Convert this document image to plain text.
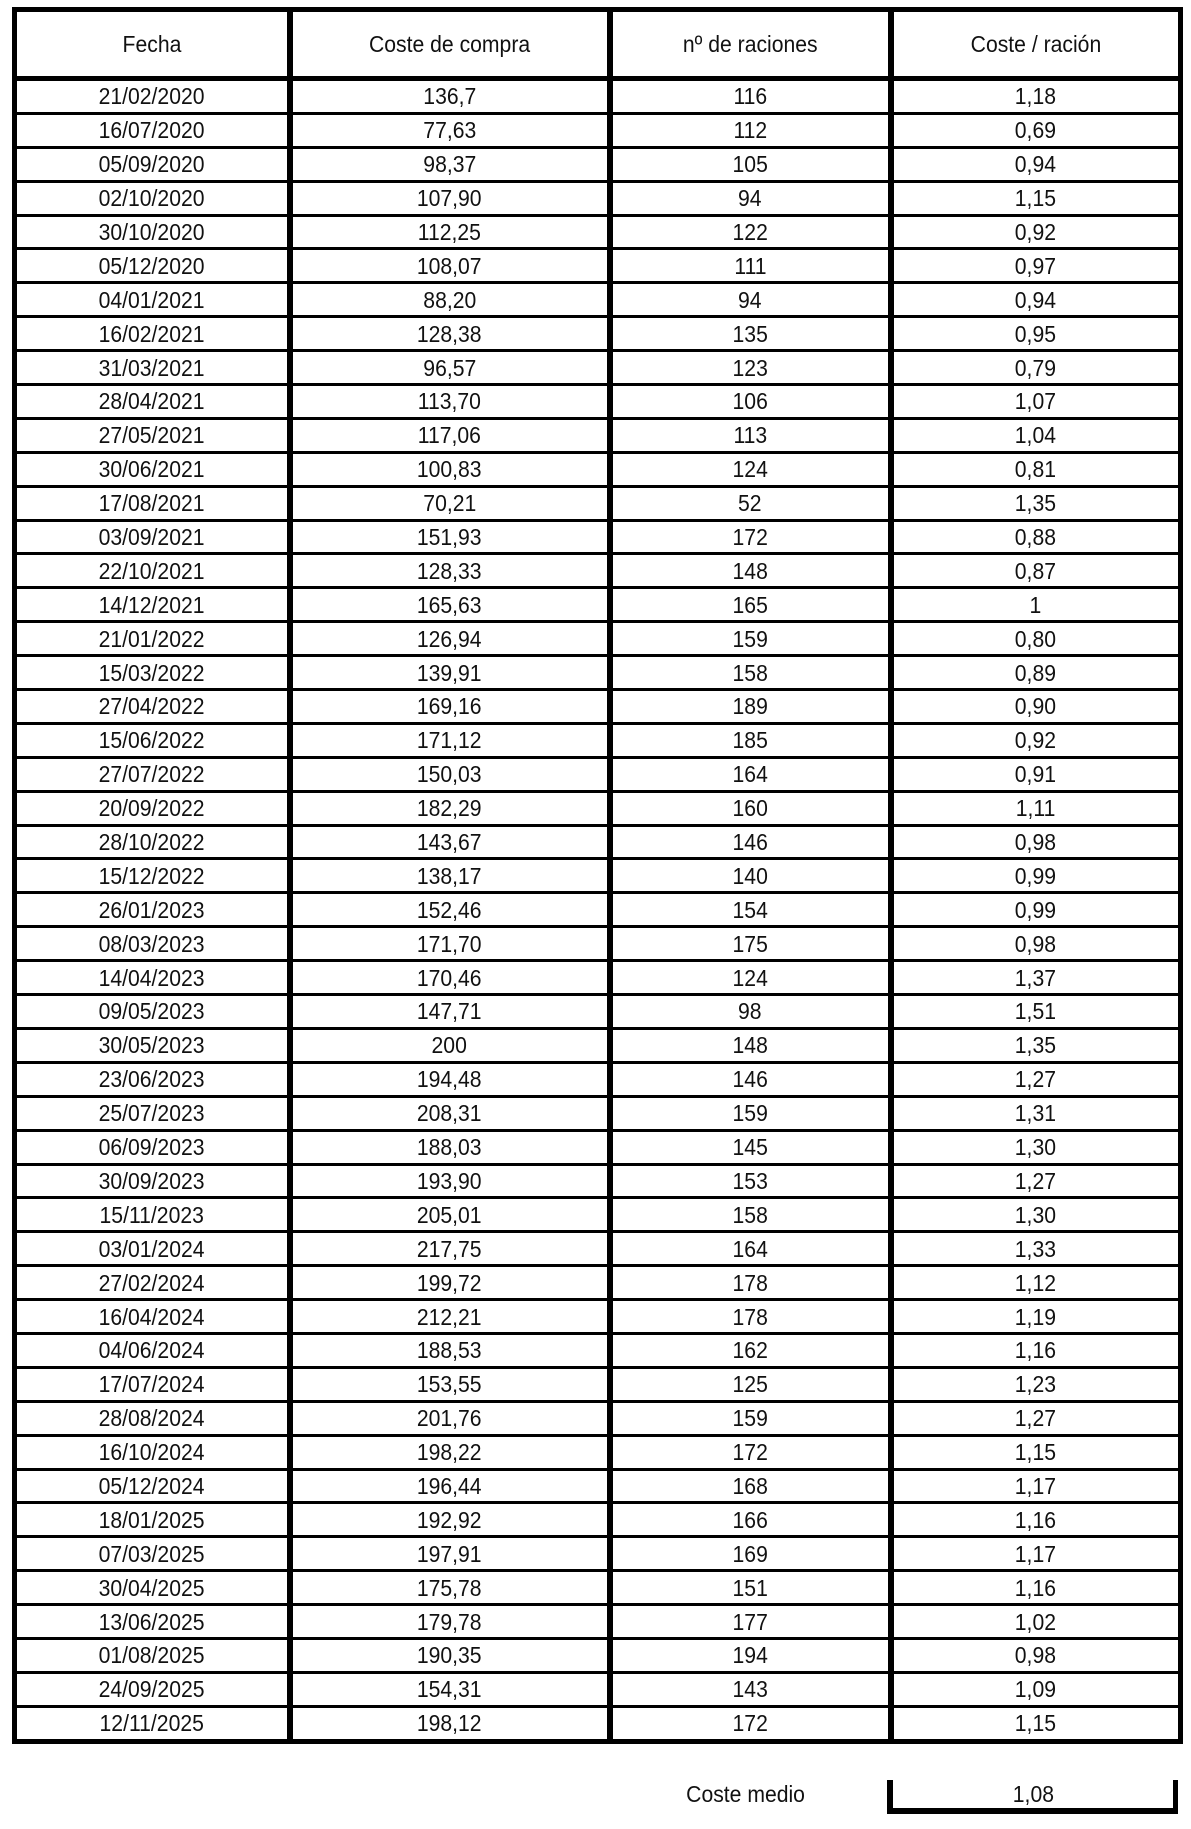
Fecha	Coste de compra	nº de raciones	Coste / ración
21/02/2020	136,7	116	1,18
16/07/2020	77,63	112	0,69
05/09/2020	98,37	105	0,94
02/10/2020	107,90	94	1,15
30/10/2020	112,25	122	0,92
05/12/2020	108,07	111	0,97
04/01/2021	88,20	94	0,94
16/02/2021	128,38	135	0,95
31/03/2021	96,57	123	0,79
28/04/2021	113,70	106	1,07
27/05/2021	117,06	113	1,04
30/06/2021	100,83	124	0,81
17/08/2021	70,21	52	1,35
03/09/2021	151,93	172	0,88
22/10/2021	128,33	148	0,87
14/12/2021	165,63	165	1
21/01/2022	126,94	159	0,80
15/03/2022	139,91	158	0,89
27/04/2022	169,16	189	0,90
15/06/2022	171,12	185	0,92
27/07/2022	150,03	164	0,91
20/09/2022	182,29	160	1,11
28/10/2022	143,67	146	0,98
15/12/2022	138,17	140	0,99
26/01/2023	152,46	154	0,99
08/03/2023	171,70	175	0,98
14/04/2023	170,46	124	1,37
09/05/2023	147,71	98	1,51
30/05/2023	200	148	1,35
23/06/2023	194,48	146	1,27
25/07/2023	208,31	159	1,31
06/09/2023	188,03	145	1,30
30/09/2023	193,90	153	1,27
15/11/2023	205,01	158	1,30
03/01/2024	217,75	164	1,33
27/02/2024	199,72	178	1,12
16/04/2024	212,21	178	1,19
04/06/2024	188,53	162	1,16
17/07/2024	153,55	125	1,23
28/08/2024	201,76	159	1,27
16/10/2024	198,22	172	1,15
05/12/2024	196,44	168	1,17
18/01/2025	192,92	166	1,16
07/03/2025	197,91	169	1,17
30/04/2025	175,78	151	1,16
13/06/2025	179,78	177	1,02
01/08/2025	190,35	194	0,98
24/09/2025	154,31	143	1,09
12/11/2025	198,12	172	1,15
Coste medio	1,08
